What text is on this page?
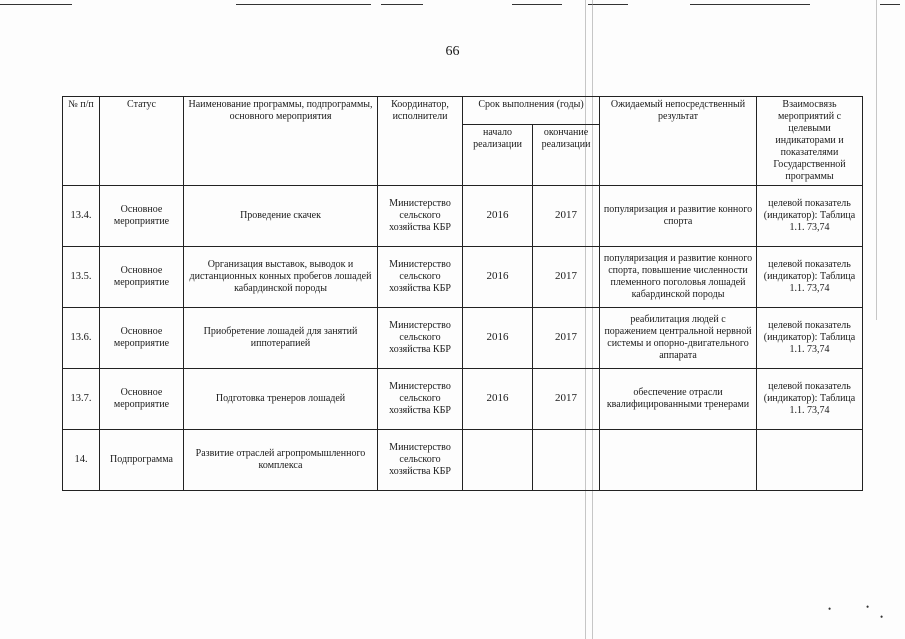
66
№ п/п	Статус	Наименование программы, подпрограммы, основного мероприятия	Координатор, исполнители	Срок выполнения (годы)		Ожидаемый непосредственный результат	Взаимосвязь мероприятий с целевыми индикаторами и показателями Государственной программы
				начало реализации	окончание реализации		
13.4.	Основное мероприятие	Проведение скачек	Министерство сельского хозяйства КБР	2016	2017	популяризация и развитие конного спорта	целевой показатель (индикатор): Таблица 1.1. 73,74
13.5.	Основное мероприятие	Организация выставок, выводок и дистанционных конных пробегов лошадей кабардинской породы	Министерство сельского хозяйства КБР	2016	2017	популяризация и развитие конного спорта, повышение численности племенного поголовья лошадей кабардинской породы	целевой показатель (индикатор): Таблица 1.1. 73,74
13.6.	Основное мероприятие	Приобретение лошадей для занятий иппотерапией	Министерство сельского хозяйства КБР	2016	2017	реабилитация людей с поражением центральной нервной системы и опорно-двигательного аппарата	целевой показатель (индикатор): Таблица 1.1. 73,74
13.7.	Основное мероприятие	Подготовка тренеров лошадей	Министерство сельского хозяйства КБР	2016	2017	обеспечение отрасли квалифицированными тренерами	целевой показатель (индикатор): Таблица 1.1. 73,74
14.	Подпрограмма	Развитие отраслей агропромышленного комплекса	Министерство сельского хозяйства КБР				
•	•
•
